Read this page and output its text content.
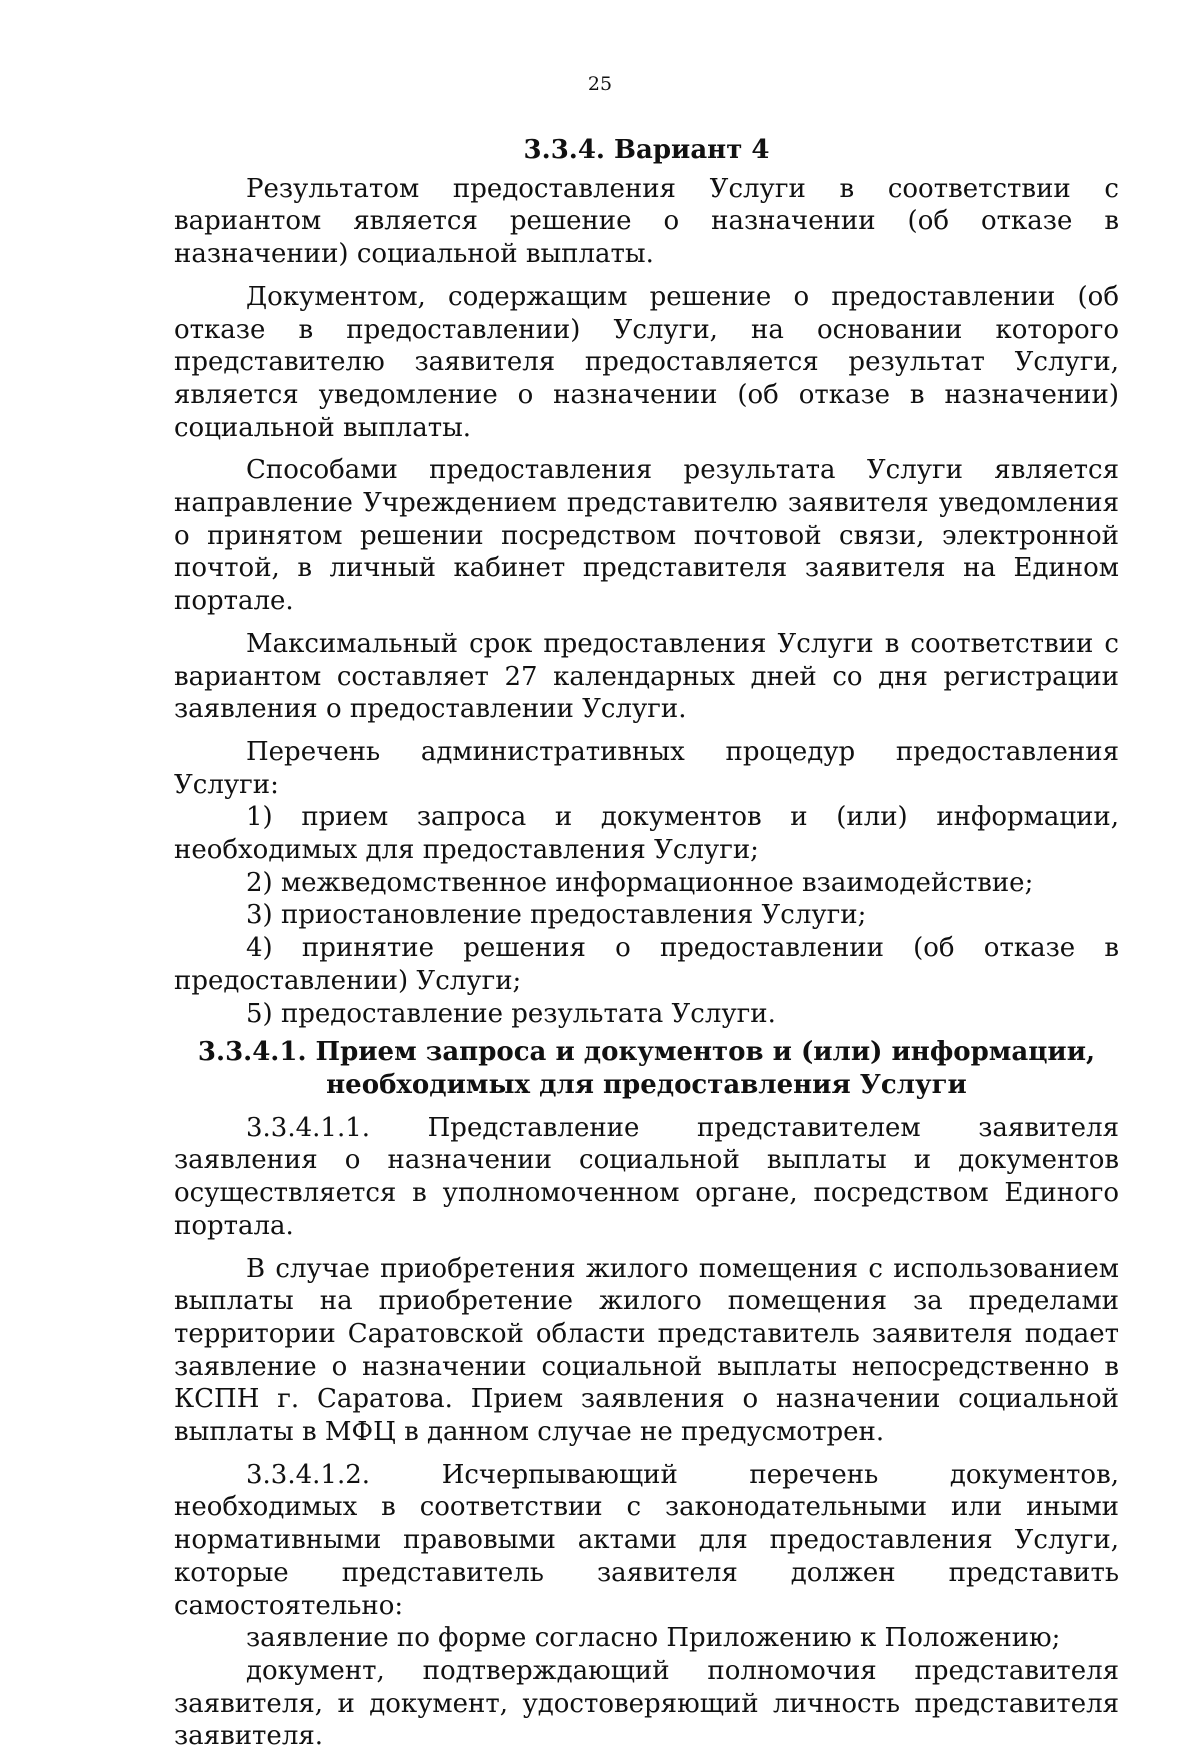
25
3.3.4. Вариант 4

Результатом предоставления Услуги в соответствии с вариантом является решение о назначении (об отказе в назначении) социальной выплаты.

Документом, содержащим решение о предоставлении (об отказе в предоставлении) Услуги, на основании которого представителю заявителя предоставляется результат Услуги, является уведомление о назначении (об отказе в назначении) социальной выплаты.

Способами предоставления результата Услуги является направление Учреждением представителю заявителя уведомления о принятом решении посредством почтовой связи, электронной почтой, в личный кабинет представителя заявителя на Едином портале.

Максимальный срок предоставления Услуги в соответствии с вариантом составляет 27 календарных дней со дня регистрации заявления о предоставлении Услуги.

Перечень административных процедур предоставления Услуги:

1) прием запроса и документов и (или) информации, необходимых для предоставления Услуги;

2) межведомственное информационное взаимодействие;

3) приостановление предоставления Услуги;

4) принятие решения о предоставлении (об отказе в предоставлении) Услуги;

5) предоставление результата Услуги.

3.3.4.1. Прием запроса и документов и (или) информации, необходимых для предоставления Услуги

3.3.4.1.1. Представление представителем заявителя заявления о назначении социальной выплаты и документов осуществляется в уполномоченном органе, посредством Единого портала.

В случае приобретения жилого помещения с использованием выплаты на приобретение жилого помещения за пределами территории Саратовской области представитель заявителя подает заявление о назначении социальной выплаты непосредственно в КСПН г. Саратова. Прием заявления о назначении социальной выплаты в МФЦ в данном случае не предусмотрен.

3.3.4.1.2. Исчерпывающий перечень документов, необходимых в соответствии с законодательными или иными нормативными правовыми актами для предоставления Услуги, которые представитель заявителя должен представить самостоятельно:

заявление по форме согласно Приложению к Положению;

документ, подтверждающий полномочия представителя заявителя, и документ, удостоверяющий личность представителя заявителя.
